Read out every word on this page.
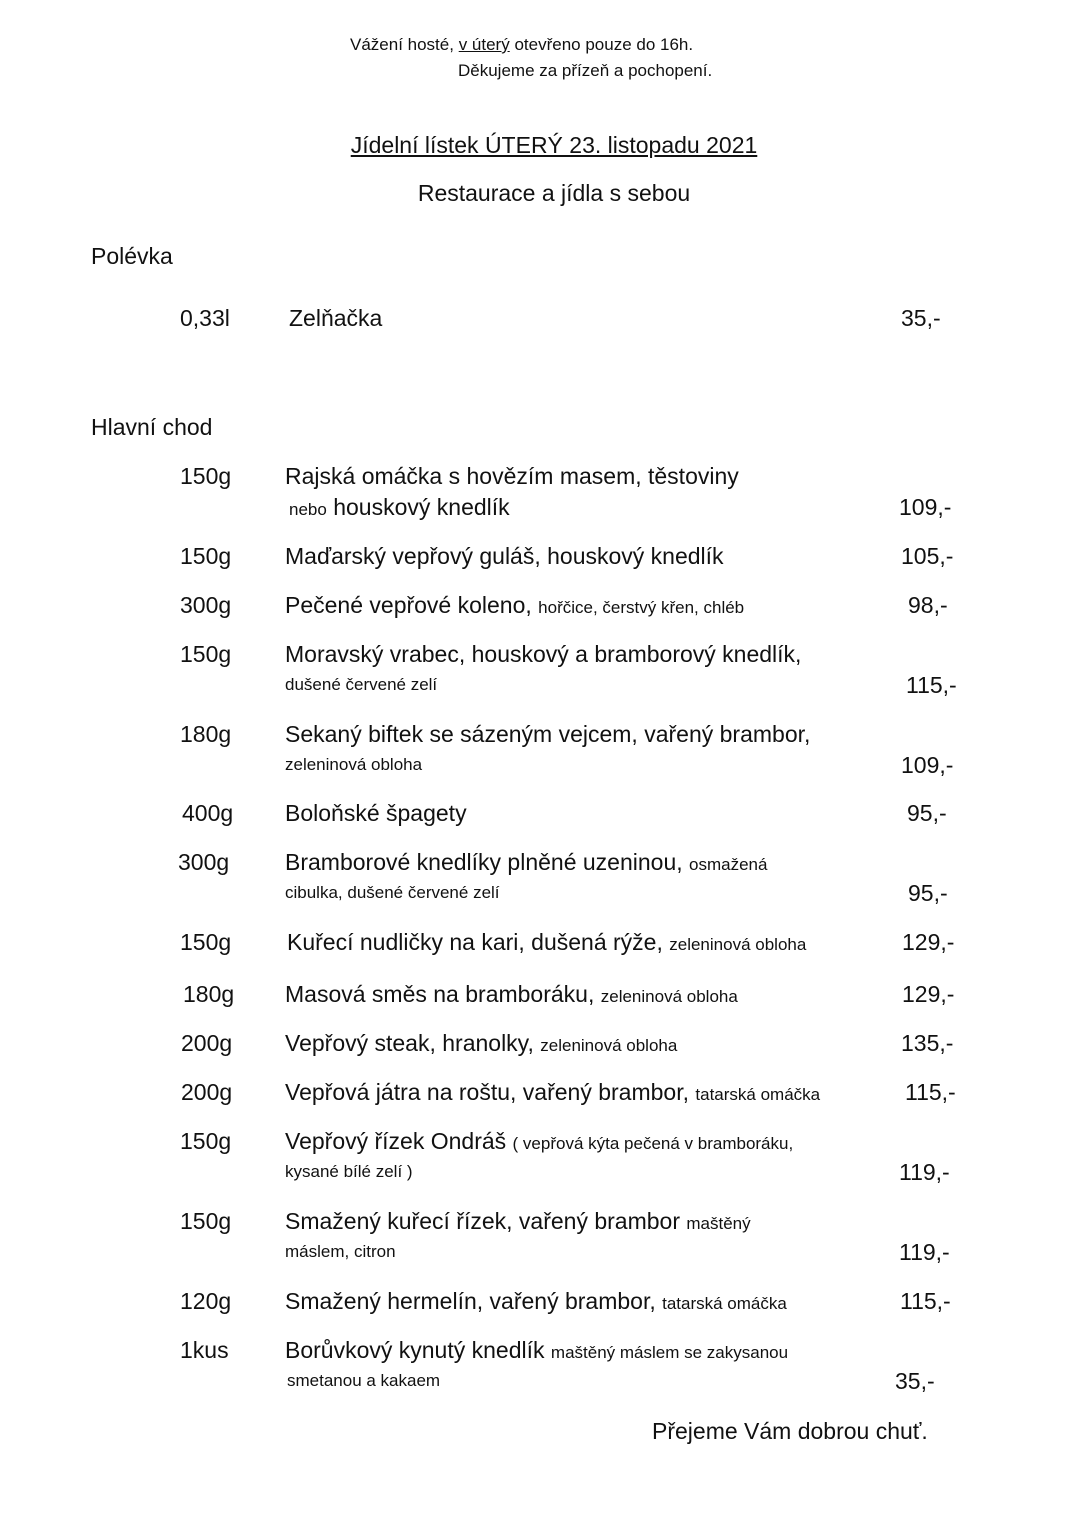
Vážení hosté, v úterý otevřeno pouze do 16h.
Děkujeme za přízeň a pochopení.
Jídelní lístek ÚTERÝ 23. listopadu 2021
Restaurace a jídla s sebou
Polévka
0,33l	Zelňačka	35,-
Hlavní chod
150g Rajská omáčka s hovězím masem, těstoviny
nebo houskový knedlík	109,-
150g Maďarský vepřový guláš, houskový knedlík	105,-
300g Pečené vepřové koleno, hořčice, čerstvý křen, chléb	98,-
150g Moravský vrabec, houskový a bramborový knedlík,
dušené červené zelí	115,-
180g Sekaný biftek se sázeným vejcem, vařený brambor,
zeleninová obloha	109,-
400g Boloňské špagety	95,-
300g Bramborové knedlíky plněné uzeninou, osmažená
cibulka, dušené červené zelí	95,-
150g Kuřecí nudličky na kari, dušená rýže, zeleninová obloha	129,-
180g Masová směs na bramboráku, zeleninová obloha	129,-
200g Vepřový steak, hranolky, zeleninová obloha	135,-
200g Vepřová játra na roštu, vařený brambor, tatarská omáčka	115,-
150g Vepřový řízek Ondráš ( vepřová kýta pečená v bramboráku,
kysané bílé zelí )	119,-
150g Smažený kuřecí řízek, vařený brambor maštěný
máslem, citron	119,-
120g Smažený hermelín, vařený brambor, tatarská omáčka	115,-
1kus Borůvkový kynutý knedlík maštěný máslem se zakysanou
smetanou a kakaem	35,-
Přejeme Vám dobrou chuť.
